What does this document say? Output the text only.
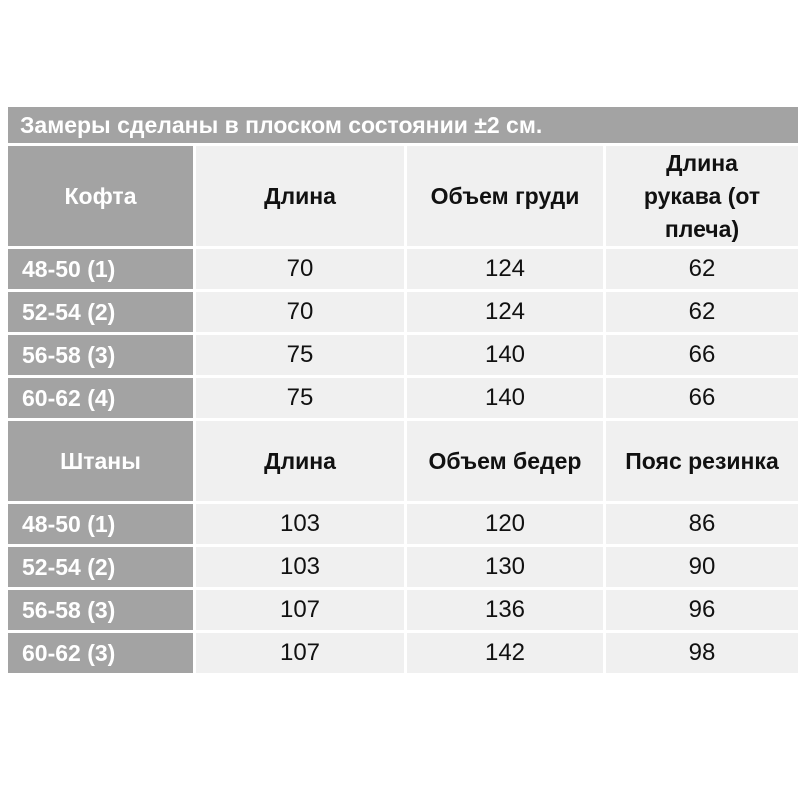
Замеры сделаны в плоском состоянии ±2 см.			
Кофта	Длина	Объем груди	Длина рукава (от плеча)
48-50 (1)	70	124	62
52-54 (2)	70	124	62
56-58 (3)	75	140	66
60-62 (4)	75	140	66
Штаны	Длина	Объем бедер	Пояс резинка
48-50 (1)	103	120	86
52-54 (2)	103	130	90
56-58 (3)	107	136	96
60-62 (3)	107	142	98
